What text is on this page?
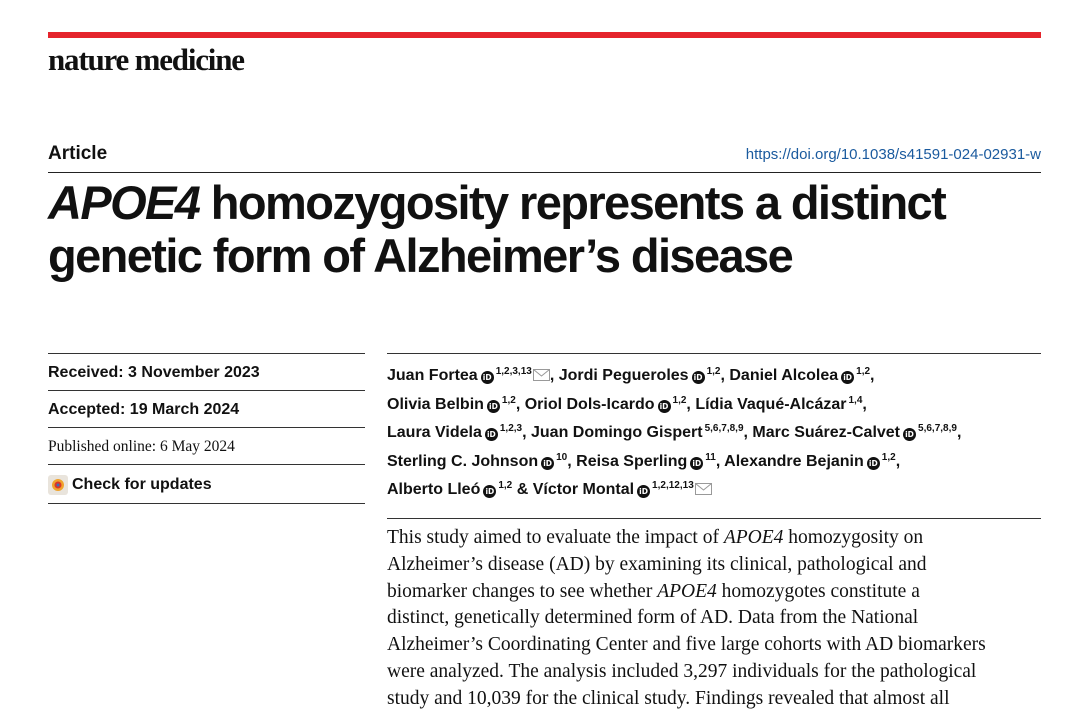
nature medicine
Article	https://doi.org/10.1038/s41591-024-02931-w
APOE4 homozygosity represents a distinct
genetic form of Alzheimer’s disease
Received: 3 November 2023
Accepted: 19 March 2024
Published online: 6 May 2024
Check for updates
Juan Fortea iD$^{1,2,3,13}$ , Jordi Pegueroles iD$^{1,2}$, Daniel Alcolea iD$^{1,2}$,
Olivia Belbin iD$^{1,2}$, Oriol Dols-Icardo iD$^{1,2}$, Lídia Vaqué-Alcázar $^{1,4}$,
Laura Videla iD$^{1,2,3}$, Juan Domingo Gispert $^{5,6,7,8,9}$, Marc Suárez-Calvet iD$^{5,6,7,8,9}$,
Sterling C. Johnson iD$^{10}$, Reisa Sperling iD$^{11}$, Alexandre Bejanin iD$^{1,2}$,
Alberto Lleó iD$^{1,2}$ & Víctor Montal iD$^{1,2,12,13}$
This study aimed to evaluate the impact of APOE4 homozygosity on
Alzheimer’s disease (AD) by examining its clinical, pathological and
biomarker changes to see whether APOE4 homozygotes constitute a
distinct, genetically determined form of AD. Data from the National
Alzheimer’s Coordinating Center and five large cohorts with AD biomarkers
were analyzed. The analysis included 3,297 individuals for the pathological
study and 10,039 for the clinical study. Findings revealed that almost all
